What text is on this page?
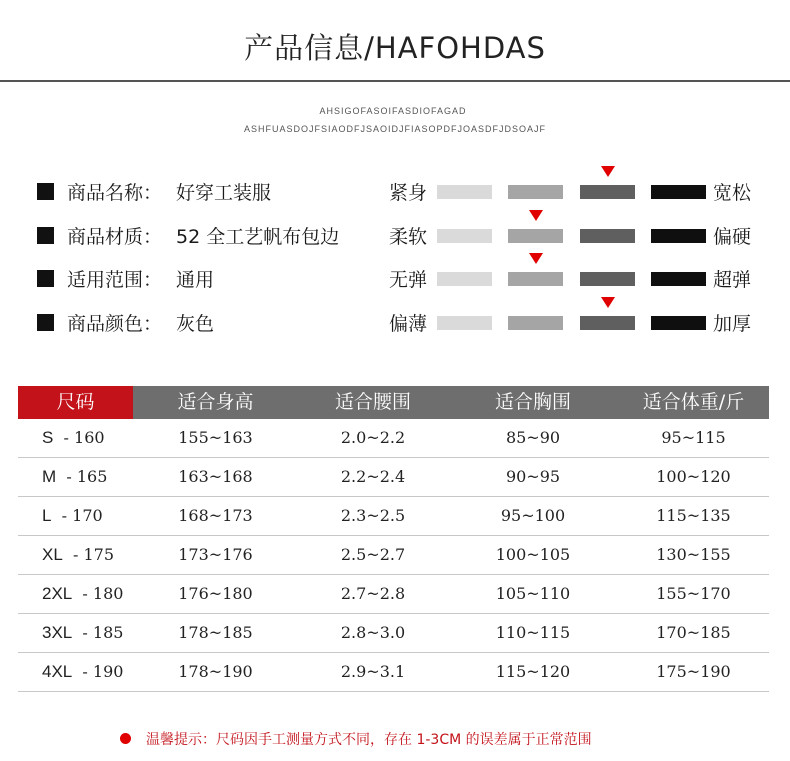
产品信息/HAFOHDAS
AHSIGOFASOIFASDIOFAGAD
ASHFUASDOJFSIAODFJSAOIDJFIASOPDFJOASDFJDSOAJF
商品名称： 好穿工装服	紧身	宽松
商品材质： 52 全工艺帆布包边	柔软	偏硬
适用范围： 通用	无弹	超弹
商品颜色： 灰色	偏薄	加厚
尺码	适合身高	适合腰围	适合胸围	适合体重/斤
S - 160	155~163	2.0~2.2	85~90	95~115
M - 165	163~168	2.2~2.4	90~95	100~120
L - 170	168~173	2.3~2.5	95~100	115~135
XL - 175	173~176	2.5~2.7	100~105	130~155
2XL - 180	176~180	2.7~2.8	105~110	155~170
3XL - 185	178~185	2.8~3.0	110~115	170~185
4XL - 190	178~190	2.9~3.1	115~120	175~190
温馨提示：尺码因手工测量方式不同，存在 1-3CM 的误差属于正常范围
